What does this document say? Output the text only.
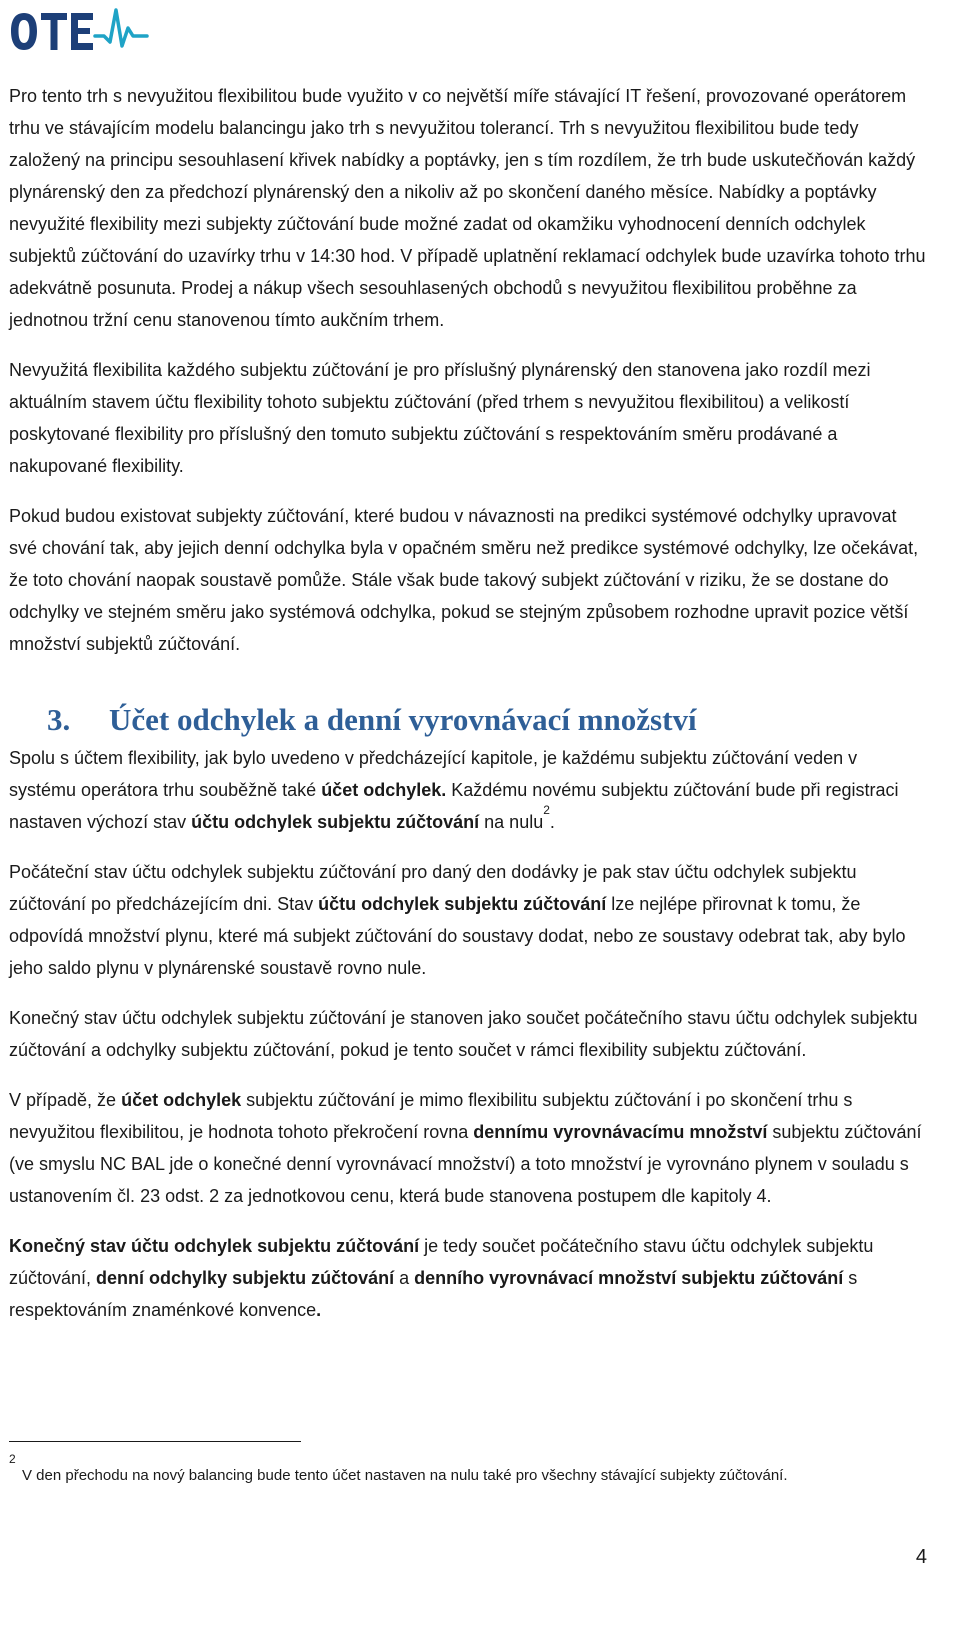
OTE

Pro tento trh s nevyužitou flexibilitou bude využito v co největší míře stávající IT řešení, provozované operátorem trhu ve stávajícím modelu balancingu jako trh s nevyužitou tolerancí. Trh s nevyužitou flexibilitou bude tedy založený na principu sesouhlasení křivek nabídky a poptávky, jen s tím rozdílem, že trh bude uskutečňován každý plynárenský den za předchozí plynárenský den a nikoliv až po skončení daného měsíce. Nabídky a poptávky nevyužité flexibility mezi subjekty zúčtování bude možné zadat od okamžiku vyhodnocení denních odchylek subjektů zúčtování do uzavírky trhu v 14:30 hod. V případě uplatnění reklamací odchylek bude uzavírka tohoto trhu adekvátně posunuta. Prodej a nákup všech sesouhlasených obchodů s nevyužitou flexibilitou proběhne za jednotnou tržní cenu stanovenou tímto aukčním trhem.

Nevyužitá flexibilita každého subjektu zúčtování je pro příslušný plynárenský den stanovena jako rozdíl mezi aktuálním stavem účtu flexibility tohoto subjektu zúčtování (před trhem s nevyužitou flexibilitou) a velikostí poskytované flexibility pro příslušný den tomuto subjektu zúčtování s respektováním směru prodávané a nakupované flexibility.

Pokud budou existovat subjekty zúčtování, které budou v návaznosti na predikci systémové odchylky upravovat své chování tak, aby jejich denní odchylka byla v opačném směru než predikce systémové odchylky, lze očekávat, že toto chování naopak soustavě pomůže. Stále však bude takový subjekt zúčtování v riziku, že se dostane do odchylky ve stejném směru jako systémová odchylka, pokud se stejným způsobem rozhodne upravit pozice větší množství subjektů zúčtování.

3. Účet odchylek a denní vyrovnávací množství

Spolu s účtem flexibility, jak bylo uvedeno v předcházející kapitole, je každému subjektu zúčtování veden v systému operátora trhu souběžně také účet odchylek. Každému novému subjektu zúčtování bude při registraci nastaven výchozí stav účtu odchylek subjektu zúčtování na nulu$^2$.

Počáteční stav účtu odchylek subjektu zúčtování pro daný den dodávky je pak stav účtu odchylek subjektu zúčtování po předcházejícím dni. Stav účtu odchylek subjektu zúčtování lze nejlépe přirovnat k tomu, že odpovídá množství plynu, které má subjekt zúčtování do soustavy dodat, nebo ze soustavy odebrat tak, aby bylo jeho saldo plynu v plynárenské soustavě rovno nule.

Konečný stav účtu odchylek subjektu zúčtování je stanoven jako součet počátečního stavu účtu odchylek subjektu zúčtování a odchylky subjektu zúčtování, pokud je tento součet v rámci flexibility subjektu zúčtování.

V případě, že účet odchylek subjektu zúčtování je mimo flexibilitu subjektu zúčtování i po skončení trhu s nevyužitou flexibilitou, je hodnota tohoto překročení rovna dennímu vyrovnávacímu množství subjektu zúčtování (ve smyslu NC BAL jde o konečné denní vyrovnávací množství) a toto množství je vyrovnáno plynem v souladu s ustanovením čl. 23 odst. 2 za jednotkovou cenu, která bude stanovena postupem dle kapitoly 4.

Konečný stav účtu odchylek subjektu zúčtování je tedy součet počátečního stavu účtu odchylek subjektu zúčtování, denní odchylky subjektu zúčtování a denního vyrovnávací množství subjektu zúčtování s respektováním znaménkové konvence.

2
V den přechodu na nový balancing bude tento účet nastaven na nulu také pro všechny stávající subjekty zúčtování.
4
